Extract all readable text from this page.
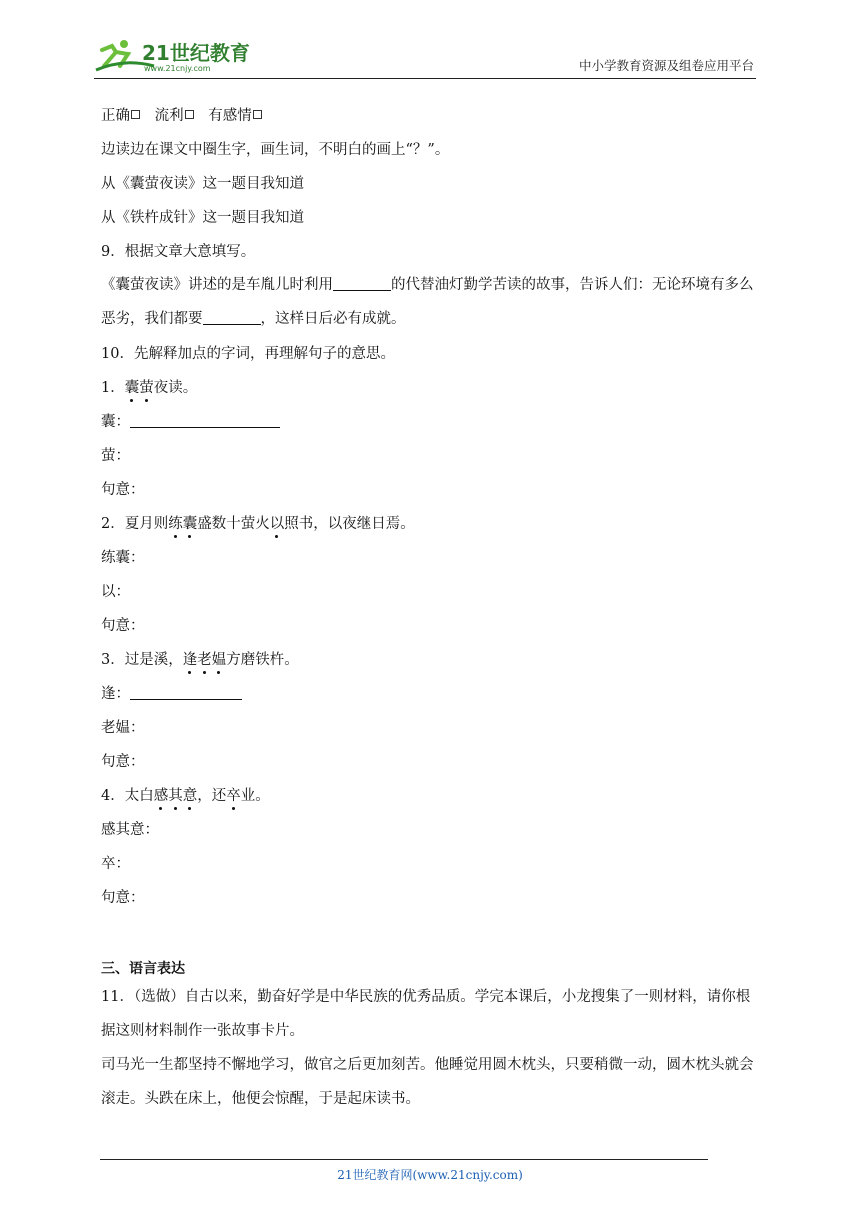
21世纪教育
www.21cnjy.com	中小学教育资源及组卷应用平台
正确 流利 有感情
边读边在课文中圈生字，画生词，不明白的画上“？”。
从《囊萤夜读》这一题目我知道
从《铁杵成针》这一题目我知道
9．根据文章大意填写。
《囊萤夜读》讲述的是车胤儿时利用	的代替油灯勤学苦读的故事，告诉人们：无论环境有多么恶劣，我们都要	，这样日后必有成就。
10．先解释加点的字词，再理解句子的意思。
1．囊萤夜读。
囊：
萤：
句意：
2．夏月则练囊盛数十萤火以照书，以夜继日焉。
练囊：
以：
句意：
3．过是溪，逢老媪方磨铁杵。
逢：
老媪：
句意：
4．太白感其意，还卒业。
感其意：
卒：
句意：
三、语言表达
11．（选做）自古以来，勤奋好学是中华民族的优秀品质。学完本课后，小龙搜集了一则材料，请你根据这则材料制作一张故事卡片。
司马光一生都坚持不懈地学习，做官之后更加刻苦。他睡觉用圆木枕头，只要稍微一动，圆木枕头就会滚走。头跌在床上，他便会惊醒，于是起床读书。
21世纪教育网(www.21cnjy.com)
